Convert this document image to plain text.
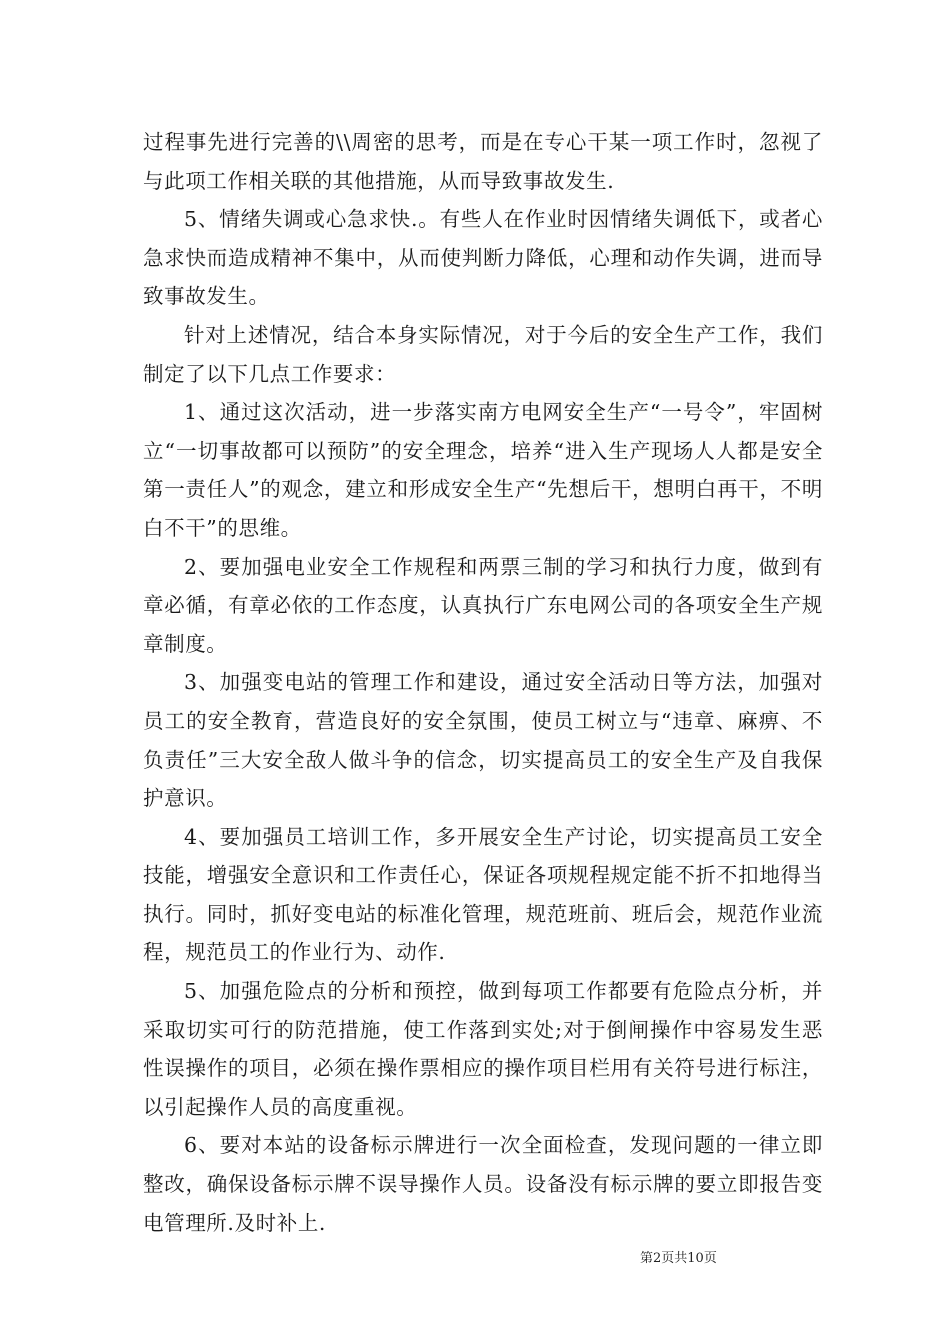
过程事先进行完善的\\周密的思考，而是在专心干某一项工作时，忽视了与此项工作相关联的其他措施，从而导致事故发生.

5、情绪失调或心急求快.。有些人在作业时因情绪失调低下，或者心急求快而造成精神不集中，从而使判断力降低，心理和动作失调，进而导致事故发生。

针对上述情况，结合本身实际情况，对于今后的安全生产工作，我们制定了以下几点工作要求：

1、通过这次活动，进一步落实南方电网安全生产“一号令”，牢固树立“一切事故都可以预防”的安全理念，培养“进入生产现场人人都是安全第一责任人”的观念，建立和形成安全生产“先想后干，想明白再干，不明白不干”的思维。

2、要加强电业安全工作规程和两票三制的学习和执行力度，做到有章必循，有章必依的工作态度，认真执行广东电网公司的各项安全生产规章制度。

3、加强变电站的管理工作和建设，通过安全活动日等方法，加强对员工的安全教育，营造良好的安全氛围，使员工树立与“违章、麻痹、不负责任”三大安全敌人做斗争的信念，切实提高员工的安全生产及自我保护意识。

4、要加强员工培训工作，多开展安全生产讨论，切实提高员工安全技能，增强安全意识和工作责任心，保证各项规程规定能不折不扣地得当执行。同时，抓好变电站的标准化管理，规范班前、班后会，规范作业流程，规范员工的作业行为、动作.

5、加强危险点的分析和预控，做到每项工作都要有危险点分析，并采取切实可行的防范措施，使工作落到实处;对于倒闸操作中容易发生恶性误操作的项目，必须在操作票相应的操作项目栏用有关符号进行标注，以引起操作人员的高度重视。

6、要对本站的设备标示牌进行一次全面检查，发现问题的一律立即整改，确保设备标示牌不误导操作人员。设备没有标示牌的要立即报告变电管理所.及时补上.

第2页共10页
